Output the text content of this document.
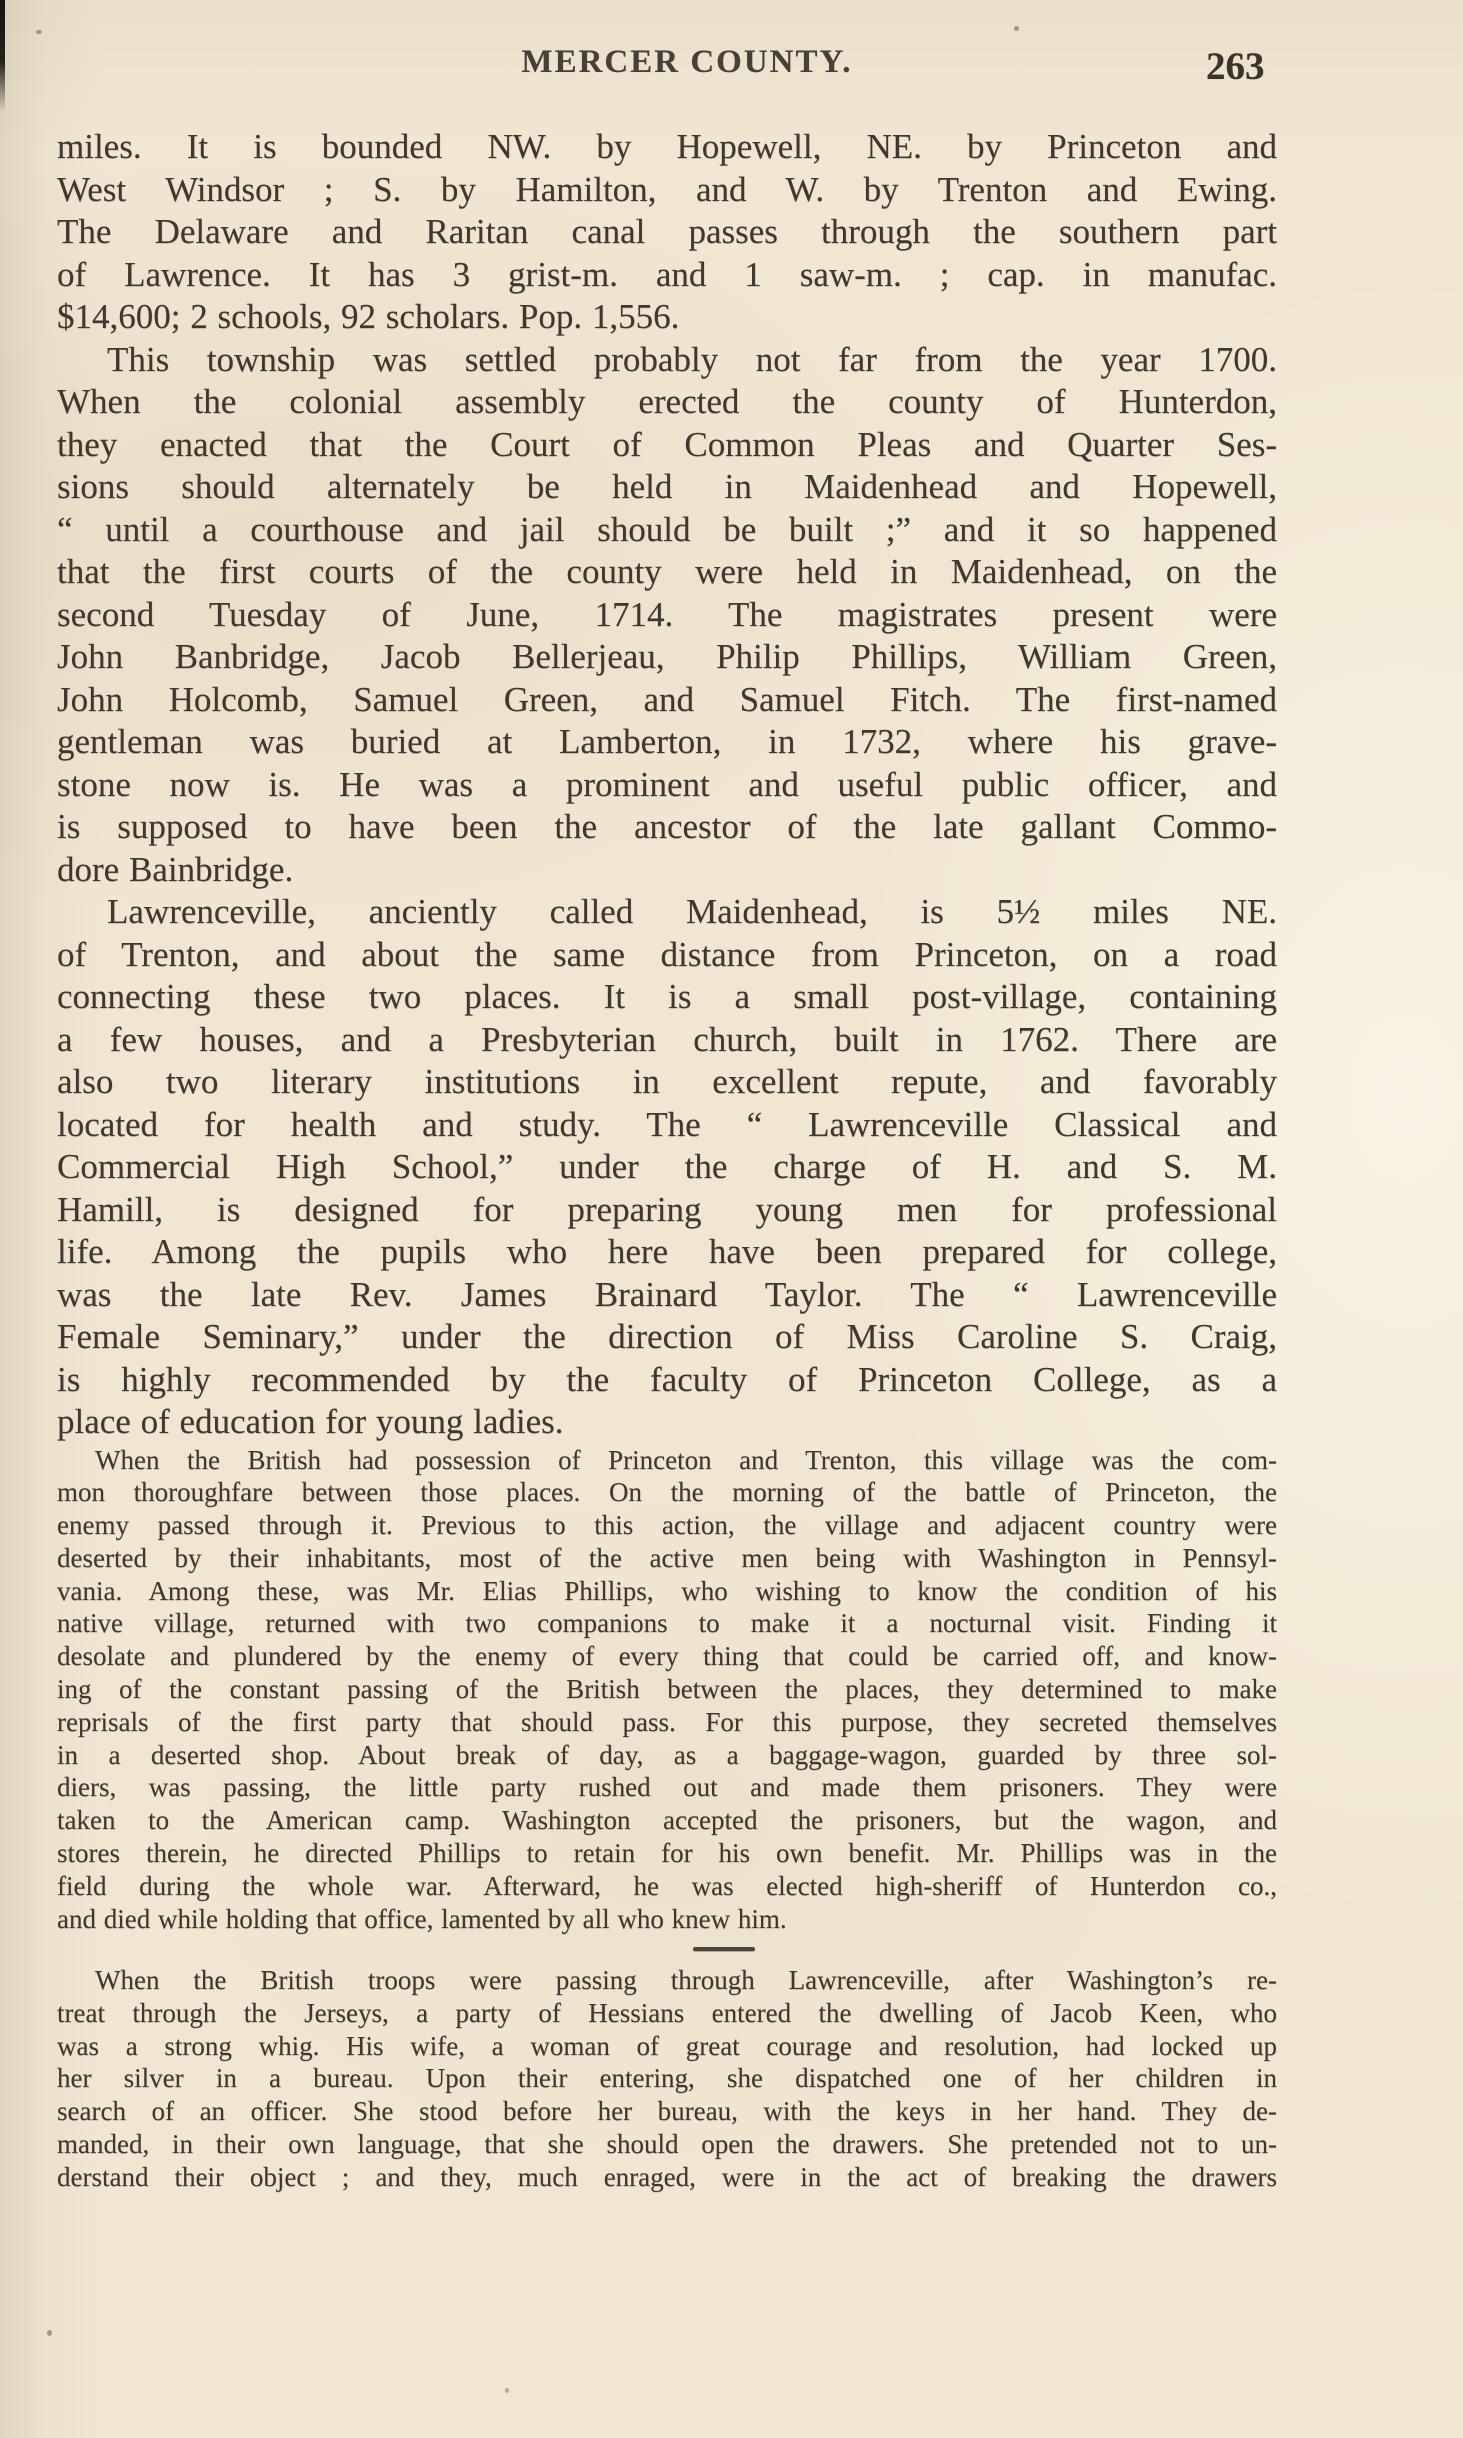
MERCER COUNTY.	263
miles. It is bounded NW. by Hopewell, NE. by Princeton and
West Windsor ; S. by Hamilton, and W. by Trenton and Ewing.
The Delaware and Raritan canal passes through the southern part
of Lawrence. It has 3 grist-m. and 1 saw-m. ; cap. in manufac.
$14,600; 2 schools, 92 scholars. Pop. 1,556.
This township was settled probably not far from the year 1700.
When the colonial assembly erected the county of Hunterdon,
they enacted that the Court of Common Pleas and Quarter Ses-
sions should alternately be held in Maidenhead and Hopewell,
“ until a courthouse and jail should be built ;” and it so happened
that the first courts of the county were held in Maidenhead, on the
second Tuesday of June, 1714. The magistrates present were
John Banbridge, Jacob Bellerjeau, Philip Phillips, William Green,
John Holcomb, Samuel Green, and Samuel Fitch. The first-named
gentleman was buried at Lamberton, in 1732, where his grave-
stone now is. He was a prominent and useful public officer, and
is supposed to have been the ancestor of the late gallant Commo-
dore Bainbridge.
Lawrenceville, anciently called Maidenhead, is 5½ miles NE.
of Trenton, and about the same distance from Princeton, on a road
connecting these two places. It is a small post-village, containing
a few houses, and a Presbyterian church, built in 1762. There are
also two literary institutions in excellent repute, and favorably
located for health and study. The “ Lawrenceville Classical and
Commercial High School,” under the charge of H. and S. M.
Hamill, is designed for preparing young men for professional
life. Among the pupils who here have been prepared for college,
was the late Rev. James Brainard Taylor. The “ Lawrenceville
Female Seminary,” under the direction of Miss Caroline S. Craig,
is highly recommended by the faculty of Princeton College, as a
place of education for young ladies.
When the British had possession of Princeton and Trenton, this village was the com-
mon thoroughfare between those places. On the morning of the battle of Princeton, the
enemy passed through it. Previous to this action, the village and adjacent country were
deserted by their inhabitants, most of the active men being with Washington in Pennsyl-
vania. Among these, was Mr. Elias Phillips, who wishing to know the condition of his
native village, returned with two companions to make it a nocturnal visit. Finding it
desolate and plundered by the enemy of every thing that could be carried off, and know-
ing of the constant passing of the British between the places, they determined to make
reprisals of the first party that should pass. For this purpose, they secreted themselves
in a deserted shop. About break of day, as a baggage-wagon, guarded by three sol-
diers, was passing, the little party rushed out and made them prisoners. They were
taken to the American camp. Washington accepted the prisoners, but the wagon, and
stores therein, he directed Phillips to retain for his own benefit. Mr. Phillips was in the
field during the whole war. Afterward, he was elected high-sheriff of Hunterdon co.,
and died while holding that office, lamented by all who knew him.
When the British troops were passing through Lawrenceville, after Washington’s re-
treat through the Jerseys, a party of Hessians entered the dwelling of Jacob Keen, who
was a strong whig. His wife, a woman of great courage and resolution, had locked up
her silver in a bureau. Upon their entering, she dispatched one of her children in
search of an officer. She stood before her bureau, with the keys in her hand. They de-
manded, in their own language, that she should open the drawers. She pretended not to un-
derstand their object ; and they, much enraged, were in the act of breaking the drawers
